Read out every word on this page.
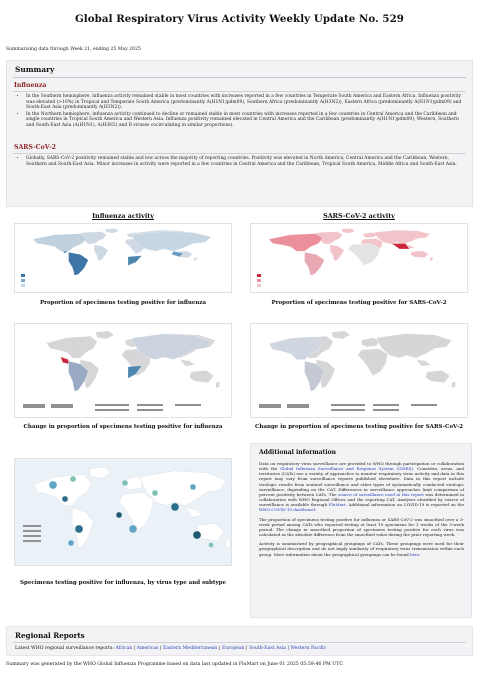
Global Respiratory Virus Activity Weekly Update No. 529
Summarising data through Week 21, ending 25 May 2025
Summary
Influenza
• In the Southern hemisphere, influenza activity remained stable in most countries with increases reported in a few countries in Temperate South America and Eastern Africa. Influenza positivity was elevated (>10%) in Tropical and Temperate South America (predominantly A(H1N1)pdm09), Southern Africa (predominantly A(H3N2)), Eastern Africa (predominantly A(H1N1)pdm09) and South-East Asia (predominantly A(H3N2)).
• In the Northern hemisphere, influenza activity continued to decline or remained stable in most countries with increases reported in a few countries in Central America and the Caribbean and single countries in Tropical South America and Western Asia. Influenza positivity remained elevated in Central America and the Caribbean (predominantly A(H1N1)pdm09), Western, Southern and South-East Asia (A(H1N1), A(H3N2) and B viruses cocirculating in similar proportions).
SARS-CoV-2
• Globally, SARS-CoV-2 positivity remained stable and low across the majority of reporting countries. Positivity was elevated in North America, Central America and the Caribbean, Western, Southern and South-East Asia. Minor increases in activity were reported in a few countries in Central America and the Caribbean, Tropical South America, Middle Africa and South-East Asia.
Influenza activity	SARS-CoV-2 activity
Proportion of specimens testing positive for influenza	Proportion of specimens testing positive for SARS-CoV-2
Change in proportion of specimens testing positive for influenza	Change in proportion of specimens testing positive for SARS-CoV-2
Specimens testing positive for influenza, by virus type and subtype
Additional information

Data on respiratory virus surveillance are provided to WHO through participation or collaboration with the Global Influenza Surveillance and Response System (GISRS). Countries, areas, and territories (CATs) use a variety of approaches to monitor respiratory virus activity and data in this report may vary from surveillance reports published elsewhere. Data in this report include virologic results from sentinel surveillance and other types of systematically conducted virologic surveillance, depending on the CAT. Differences in surveillance approaches limit comparison of percent positivity between CATs. The source of surveillance used in this report was determined in collaboration with WHO Regional Offices and the reporting CAT. Analyses stratified by source of surveillance is available through FluMart. Additional information on COVID-19 is reported on the WHO COVID-19 dashboard.

The proportion of specimens testing positive for influenza or SARS-CoV-2 was smoothed over a 3-week period among CATs who reported testing at least 10 specimens for 2 weeks of the 3-week period. The change in smoothed proportion of specimens testing positive for each virus was calculated as the absolute difference from the smoothed value during the prior reporting week.

Activity is summarized by geographical groupings of CATs. These groupings were used for their geographical description and do not imply similarity of respiratory virus transmission within each group. More information about the geographical groupings can be found here.

Regional Reports
Latest WHO regional surveillance reports: African | Americas | Eastern Mediterranean | European | South-East Asia | Western Pacific
Summary was generated by the WHO Global Influenza Programme based on data last updated in FluMart on June 01 2025 05:59:46 PM UTC
